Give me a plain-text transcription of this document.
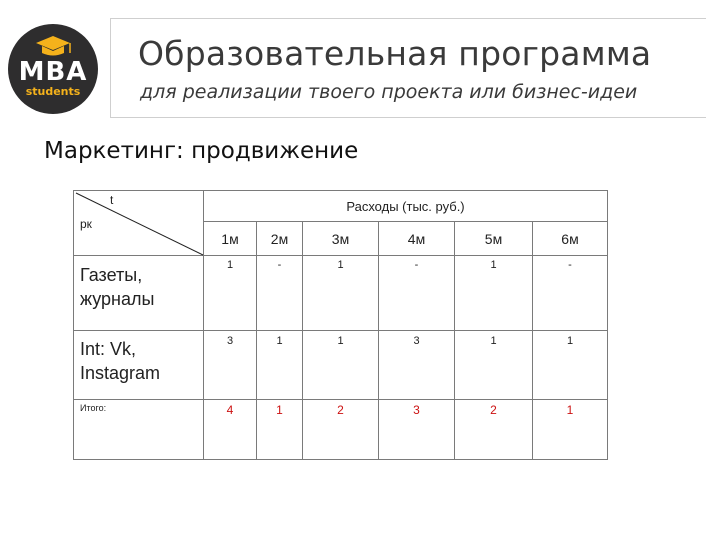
MBA
students
Образовательная программа
для реализации твоего проекта или бизнес-идеи
Маркетинг: продвижение
t
рк
Расходы (тыс. руб.)
1м	2м	3м	4м	5м	6м
Газеты, журналы
1	-	1	-	1	-
Int: Vk, Instagram
3	1	1	3	1	1
Итого:	4	1	2	3	2	1
